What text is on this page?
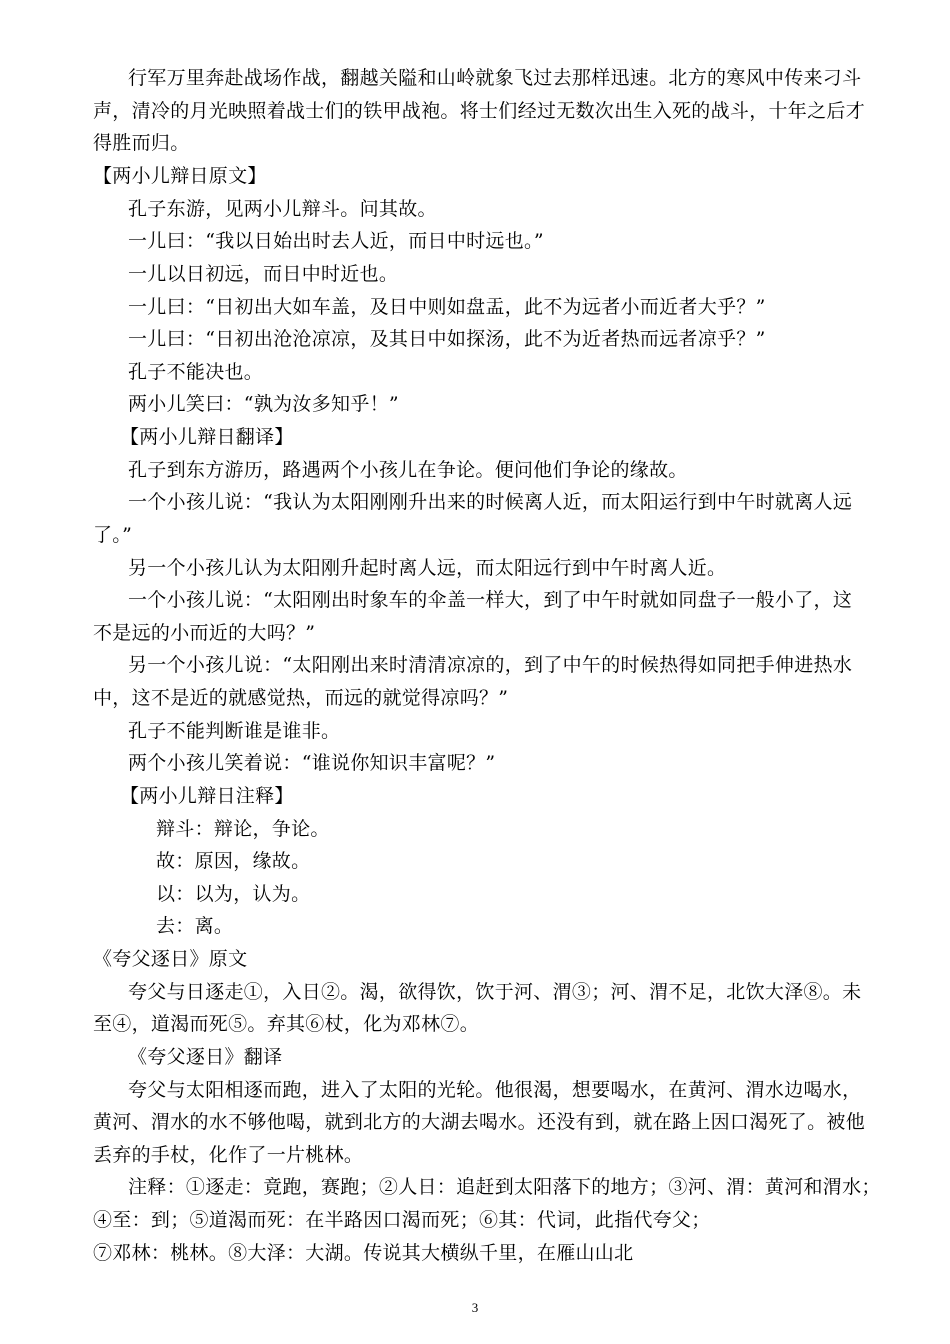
行军万里奔赴战场作战，翻越关隘和山岭就象飞过去那样迅速。北方的寒风中传来刁斗
声，清冷的月光映照着战士们的铁甲战袍。将士们经过无数次出生入死的战斗，十年之后才
得胜而归。
【两小儿辩日原文】
孔子东游，见两小儿辩斗。问其故。
一儿曰：“我以日始出时去人近，而日中时远也。”
一儿以日初远，而日中时近也。
一儿曰：“日初出大如车盖，及日中则如盘盂，此不为远者小而近者大乎？”
一儿曰：“日初出沧沧凉凉，及其日中如探汤，此不为近者热而远者凉乎？”
孔子不能决也。
两小儿笑曰：“孰为汝多知乎！”
【两小儿辩日翻译】
孔子到东方游历，路遇两个小孩儿在争论。便问他们争论的缘故。
一个小孩儿说：“我认为太阳刚刚升出来的时候离人近，而太阳运行到中午时就离人远
了。”
另一个小孩儿认为太阳刚升起时离人远，而太阳远行到中午时离人近。
一个小孩儿说：“太阳刚出时象车的伞盖一样大，到了中午时就如同盘子一般小了，这
不是远的小而近的大吗？”
另一个小孩儿说：“太阳刚出来时清清凉凉的，到了中午的时候热得如同把手伸进热水
中，这不是近的就感觉热，而远的就觉得凉吗？”
孔子不能判断谁是谁非。
两个小孩儿笑着说：“谁说你知识丰富呢？”
【两小儿辩日注释】
辩斗：辩论，争论。
故：原因，缘故。
以：以为，认为。
去：离。
《夸父逐日》原文
夸父与日逐走①，入日②。渴，欲得饮，饮于河、渭③；河、渭不足，北饮大泽⑧。未
至④，道渴而死⑤。弃其⑥杖，化为邓林⑦。
《夸父逐日》翻译
夸父与太阳相逐而跑，进入了太阳的光轮。他很渴，想要喝水，在黄河、渭水边喝水，
黄河、渭水的水不够他喝，就到北方的大湖去喝水。还没有到，就在路上因口渴死了。被他
丢弃的手杖，化作了一片桃林。
注释：①逐走：竟跑，赛跑；②人日：追赶到太阳落下的地方；③河、渭：黄河和渭水；
④至：到；⑤道渴而死：在半路因口渴而死；⑥其：代词，此指代夸父；
⑦邓林：桃林。⑧大泽：大湖。传说其大横纵千里，在雁山山北
3
